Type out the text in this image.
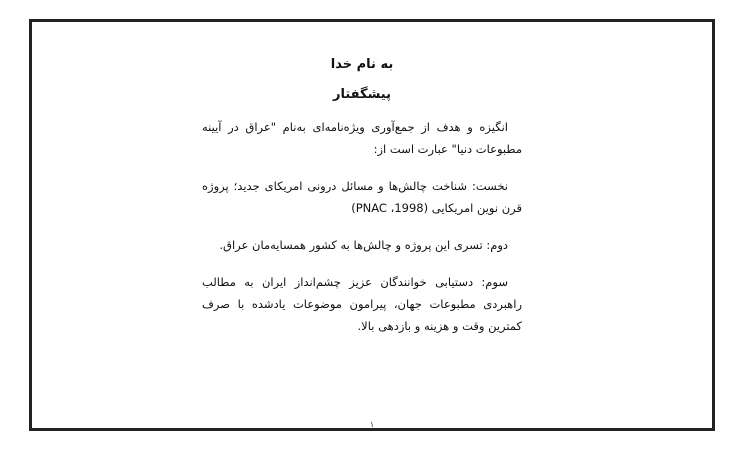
به نام خدا

پیشگفتار

انگیزه و هدف از جمع‌آوری ویژه‌نامه‌ای به‌نام "عراق در آیینه مطبوعات دنیا" عبارت است از:

نخست: شناخت چالش‌ها و مسائل درونی امریکای جدید؛ پروژه قرن نوین امریکایی (PNAC ،1998)

دوم: تسری این پروژه و چالش‌ها به کشور همسایه‌مان عراق.

سوم: دستیابی خوانندگان عزیز چشم‌انداز ایران به مطالب راهبردی مطبوعات جهان، پیرامون موضوعات یادشده با صرف کمترین وقت و هزینه و بازدهی بالا.

۱
